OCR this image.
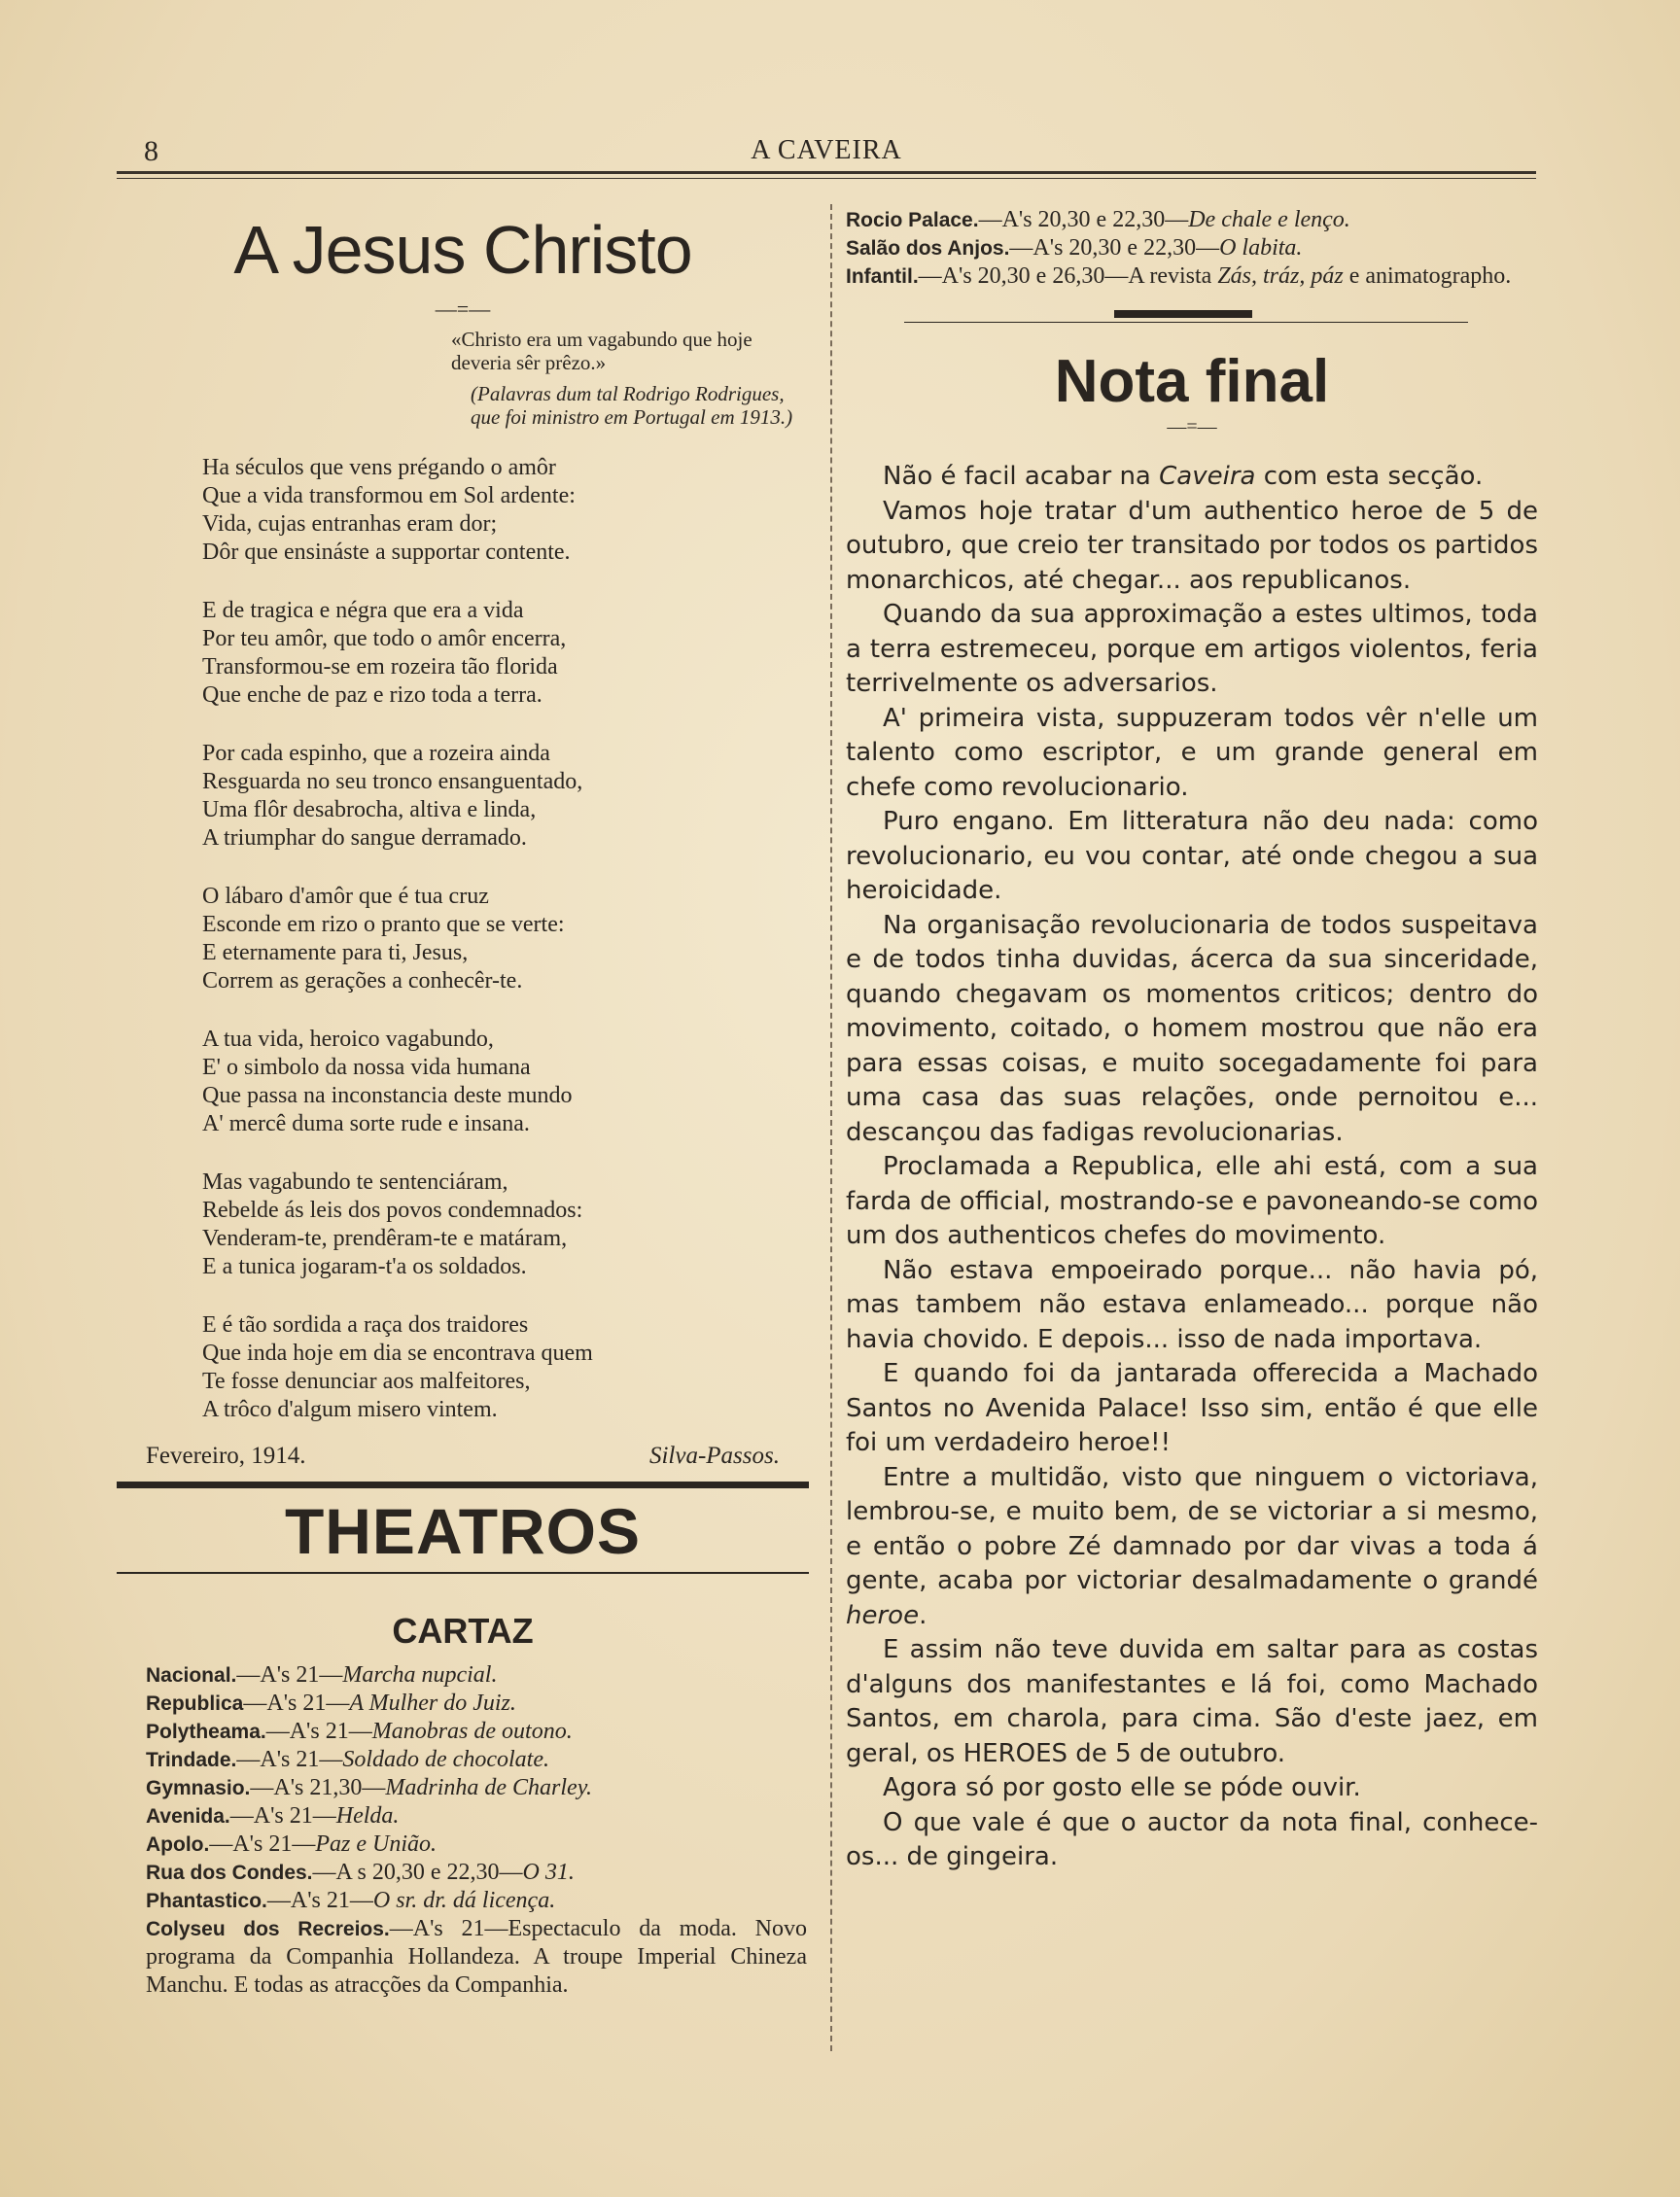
8	A CAVEIRA
A Jesus Christo
—=—
«Christo era um vagabundo que hoje deveria sêr prêzo.»
(Palavras dum tal Rodrigo Rodrigues, que foi ministro em Portugal em 1913.)
Ha séculos que vens prégando o amôr
Que a vida transformou em Sol ardente:
Vida, cujas entranhas eram dor;
Dôr que ensináste a supportar contente.
E de tragica e négra que era a vida
Por teu amôr, que todo o amôr encerra,
Transformou-se em rozeira tão florida
Que enche de paz e rizo toda a terra.
Por cada espinho, que a rozeira ainda
Resguarda no seu tronco ensanguentado,
Uma flôr desabrocha, altiva e linda,
A triumphar do sangue derramado.
O lábaro d'amôr que é tua cruz
Esconde em rizo o pranto que se verte:
E eternamente para ti, Jesus,
Correm as gerações a conhecêr-te.
A tua vida, heroico vagabundo,
E' o simbolo da nossa vida humana
Que passa na inconstancia deste mundo
A' mercê duma sorte rude e insana.
Mas vagabundo te sentenciáram,
Rebelde ás leis dos povos condemnados:
Venderam-te, prendêram-te e matáram,
E a tunica jogaram-t'a os soldados.
E é tão sordida a raça dos traidores
Que inda hoje em dia se encontrava quem
Te fosse denunciar aos malfeitores,
A trôco d'algum misero vintem.
Fevereiro, 1914.	Silva-Passos.
THEATROS
CARTAZ
Nacional.—A's 21—Marcha nupcial.
Republica—A's 21—A Mulher do Juiz.
Polytheama.—A's 21—Manobras de outono.
Trindade.—A's 21—Soldado de chocolate.
Gymnasio.—A's 21,30—Madrinha de Charley.
Avenida.—A's 21—Helda.
Apolo.—A's 21—Paz e União.
Rua dos Condes.—A s 20,30 e 22,30—O 31.
Phantastico.—A's 21—O sr. dr. dá licença.
Colyseu dos Recreios.—A's 21—Espectaculo da moda. Novo programa da Companhia Hollandeza. A troupe Imperial Chineza Manchu. E todas as atracções da Companhia.
Rocio Palace.—A's 20,30 e 22,30—De chale e lenço.
Salão dos Anjos.—A's 20,30 e 22,30—O labita.
Infantil.—A's 20,30 e 26,30—A revista Zás, tráz, páz e animatographo.
Nota final
—=—

Não é facil acabar na Caveira com esta secção.

Vamos hoje tratar d'um authentico heroe de 5 de outubro, que creio ter transitado por todos os partidos monarchicos, até chegar... aos republicanos.

Quando da sua approximação a estes ultimos, toda a terra estremeceu, porque em artigos violentos, feria terrivelmente os adversarios.

A' primeira vista, suppuzeram todos vêr n'elle um talento como escriptor, e um grande general em chefe como revolucionario.

Puro engano. Em litteratura não deu nada: como revolucionario, eu vou contar, até onde chegou a sua heroicidade.

Na organisação revolucionaria de todos suspeitava e de todos tinha duvidas, ácerca da sua sinceridade, quando chegavam os momentos criticos; dentro do movimento, coitado, o homem mostrou que não era para essas coisas, e muito socegadamente foi para uma casa das suas relações, onde pernoitou e... descançou das fadigas revolucionarias.

Proclamada a Republica, elle ahi está, com a sua farda de official, mostrando-se e pavoneando-se como um dos authenticos chefes do movimento.

Não estava empoeirado porque... não havia pó, mas tambem não estava enlameado... porque não havia chovido. E depois... isso de nada importava.

E quando foi da jantarada offerecida a Machado Santos no Avenida Palace! Isso sim, então é que elle foi um verdadeiro heroe!!

Entre a multidão, visto que ninguem o victoriava, lembrou-se, e muito bem, de se victoriar a si mesmo, e então o pobre Zé damnado por dar vivas a toda á gente, acaba por victoriar desalmadamente o grandé heroe.

E assim não teve duvida em saltar para as costas d'alguns dos manifestantes e lá foi, como Machado Santos, em charola, para cima. São d'este jaez, em geral, os HEROES de 5 de outubro.

Agora só por gosto elle se póde ouvir.

O que vale é que o auctor da nota final, conhece-os... de gingeira.
